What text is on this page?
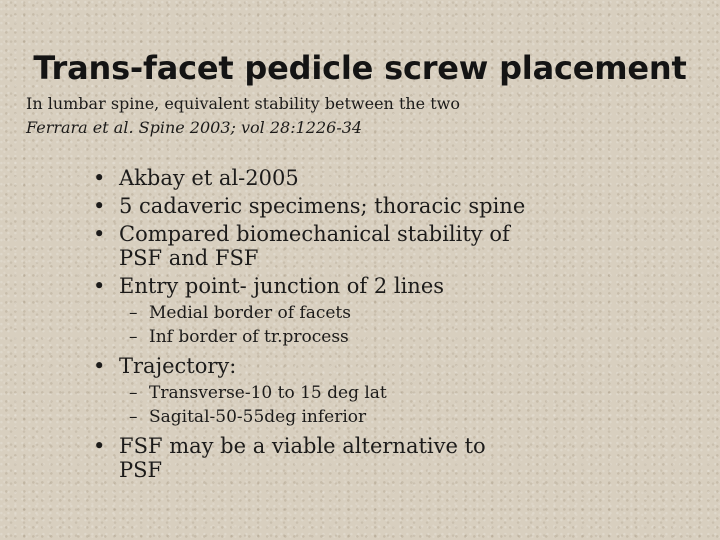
Trans-facet pedicle screw placement
In lumbar spine, equivalent stability between the two
Ferrara et al. Spine 2003; vol 28:1226-34
• Akbay et al-2005
• 5 cadaveric specimens; thoracic spine
• Compared biomechanical stability of PSF and FSF
• Entry point- junction of 2 lines
– Medial border of facets
– Inf border of tr.process
• Trajectory:
– Transverse-10 to 15 deg lat
– Sagital-50-55deg inferior
• FSF may be a viable alternative to PSF
